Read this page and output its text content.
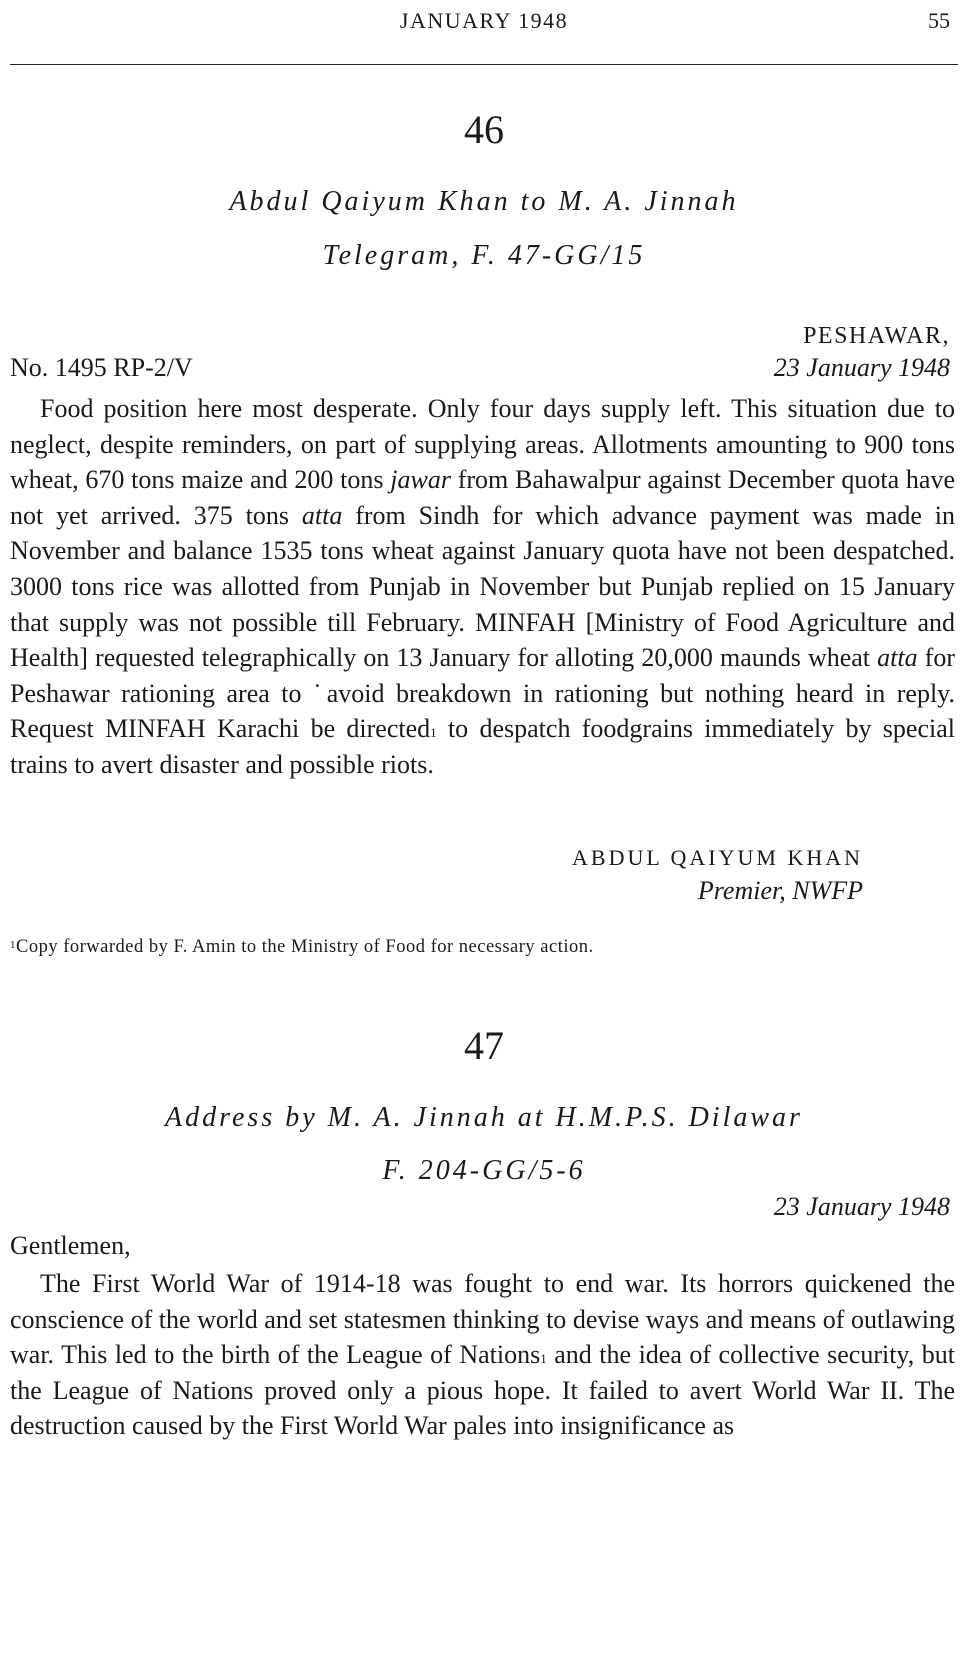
JANUARY 1948	55
46
Abdul Qaiyum Khan to M. A. Jinnah
Telegram, F. 47-GG/15
PESHAWAR,
No. 1495 RP-2/V	23 January 1948

Food position here most desperate. Only four days supply left. This situation due to neglect, despite reminders, on part of supplying areas. Allotments amounting to 900 tons wheat, 670 tons maize and 200 tons jawar from Bahawalpur against December quota have not yet arrived. 375 tons atta from Sindh for which advance payment was made in November and balance 1535 tons wheat against January quota have not been despatched. 3000 tons rice was allotted from Punjab in November but Punjab replied on 15 January that supply was not possible till February. MINFAH [Ministry of Food Agriculture and Health] requested telegraphically on 13 January for alloting 20,000 maunds wheat atta for Peshawar rationing area to ˙avoid breakdown in rationing but nothing heard in reply. Request MINFAH Karachi be directed$^1$ to despatch foodgrains immediately by special trains to avert disaster and possible riots.

ABDUL QAIYUM KHAN
Premier, NWFP
$^1$Copy forwarded by F. Amin to the Ministry of Food for necessary action.
47
Address by M. A. Jinnah at H.M.P.S. Dilawar
F. 204-GG/5-6
23 January 1948
Gentlemen,

The First World War of 1914-18 was fought to end war. Its horrors quickened the conscience of the world and set statesmen thinking to devise ways and means of outlawing war. This led to the birth of the League of Nations$^1$ and the idea of collective security, but the League of Nations proved only a pious hope. It failed to avert World War II. The destruction caused by the First World War pales into insignificance as
